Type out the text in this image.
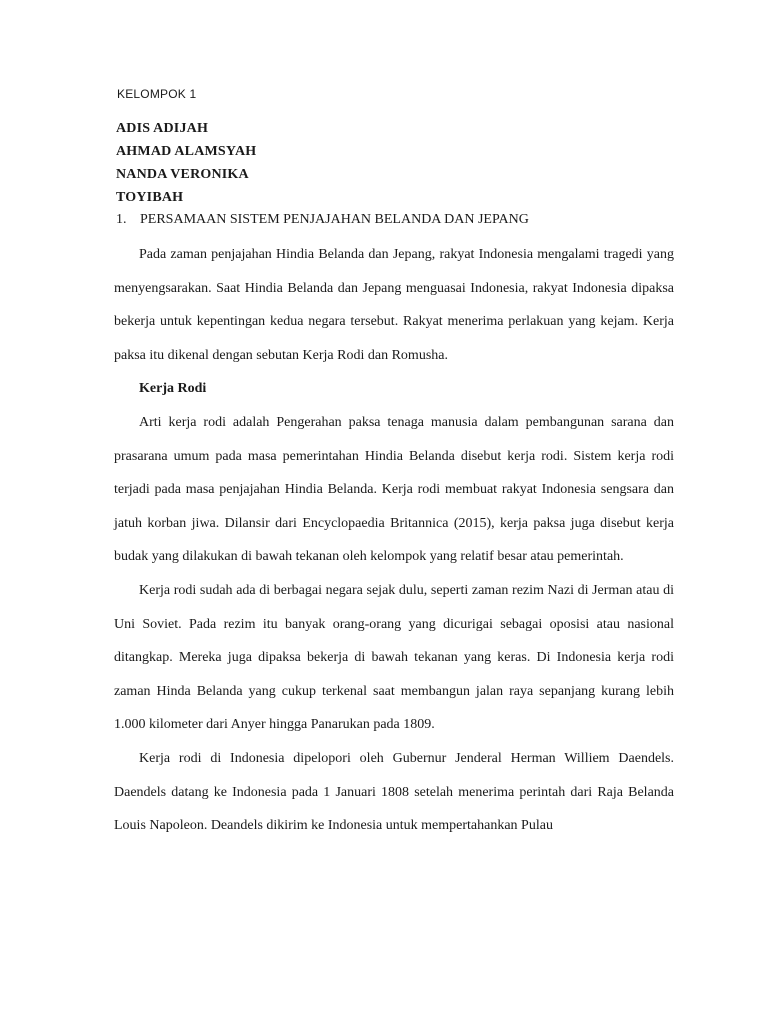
KELOMPOK 1
ADIS ADIJAH
AHMAD ALAMSYAH
NANDA VERONIKA
TOYIBAH
1. PERSAMAAN SISTEM PENJAJAHAN BELANDA DAN JEPANG

Pada zaman penjajahan Hindia Belanda dan Jepang, rakyat Indonesia mengalami tragedi yang menyengsarakan. Saat Hindia Belanda dan Jepang menguasai Indonesia, rakyat Indonesia dipaksa bekerja untuk kepentingan kedua negara tersebut. Rakyat menerima perlakuan yang kejam. Kerja paksa itu dikenal dengan sebutan Kerja Rodi dan Romusha.

Kerja Rodi

Arti kerja rodi adalah Pengerahan paksa tenaga manusia dalam pembangunan sarana dan prasarana umum pada masa pemerintahan Hindia Belanda disebut kerja rodi. Sistem kerja rodi terjadi pada masa penjajahan Hindia Belanda. Kerja rodi membuat rakyat Indonesia sengsara dan jatuh korban jiwa. Dilansir dari Encyclopaedia Britannica (2015), kerja paksa juga disebut kerja budak yang dilakukan di bawah tekanan oleh kelompok yang relatif besar atau pemerintah.

Kerja rodi sudah ada di berbagai negara sejak dulu, seperti zaman rezim Nazi di Jerman atau di Uni Soviet. Pada rezim itu banyak orang-orang yang dicurigai sebagai oposisi atau nasional ditangkap. Mereka juga dipaksa bekerja di bawah tekanan yang keras. Di Indonesia kerja rodi zaman Hinda Belanda yang cukup terkenal saat membangun jalan raya sepanjang kurang lebih 1.000 kilometer dari Anyer hingga Panarukan pada 1809.

Kerja rodi di Indonesia dipelopori oleh Gubernur Jenderal Herman Williem Daendels. Daendels datang ke Indonesia pada 1 Januari 1808 setelah menerima perintah dari Raja Belanda Louis Napoleon. Deandels dikirim ke Indonesia untuk mempertahankan Pulau
